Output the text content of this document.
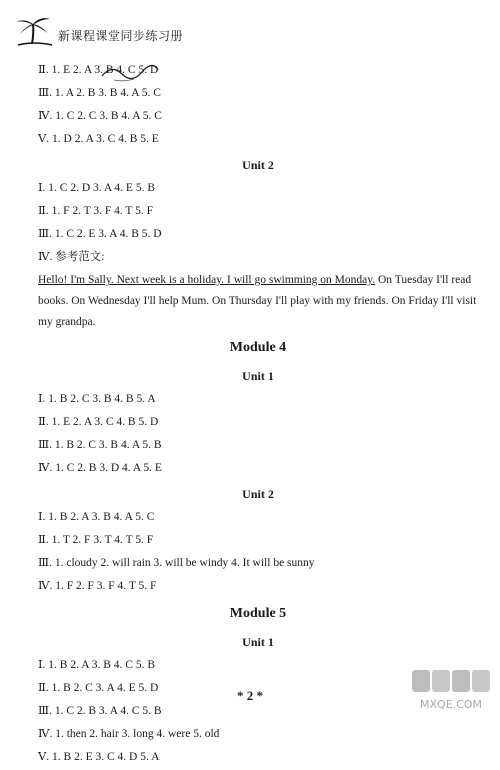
新课程课堂同步练习册
Ⅱ. 1. E 2. A 3. B 4. C 5. D
Ⅲ. 1. A 2. B 3. B 4. A 5. C
Ⅳ. 1. C 2. C 3. B 4. A 5. C
Ⅴ. 1. D 2. A 3. C 4. B 5. E
Unit 2
Ⅰ. 1. C 2. D 3. A 4. E 5. B
Ⅱ. 1. F 2. T 3. F 4. T 5. F
Ⅲ. 1. C 2. E 3. A 4. B 5. D
Ⅳ. 参考范文:
Hello! I'm Sally. Next week is a holiday. I will go swimming on Monday. On Tuesday I'll read books. On Wednesday I'll help Mum. On Thursday I'll play with my friends. On Friday I'll visit my grandpa.
Module 4
Unit 1
Ⅰ. 1. B 2. C 3. B 4. B 5. A
Ⅱ. 1. E 2. A 3. C 4. B 5. D
Ⅲ. 1. B 2. C 3. B 4. A 5. B
Ⅳ. 1. C 2. B 3. D 4. A 5. E
Unit 2
Ⅰ. 1. B 2. A 3. B 4. A 5. C
Ⅱ. 1. T 2. F 3. T 4. T 5. F
Ⅲ. 1. cloudy 2. will rain 3. will be windy 4. It will be sunny
Ⅳ. 1. F 2. F 3. F 4. T 5. F
Module 5
Unit 1
Ⅰ. 1. B 2. A 3. B 4. C 5. B
Ⅱ. 1. B 2. C 3. A 4. E 5. D
Ⅲ. 1. C 2. B 3. A 4. C 5. B
Ⅳ. 1. then 2. hair 3. long 4. were 5. old
Ⅴ. 1. B 2. E 3. C 4. D 5. A
* 2 *
MXQE.COM
